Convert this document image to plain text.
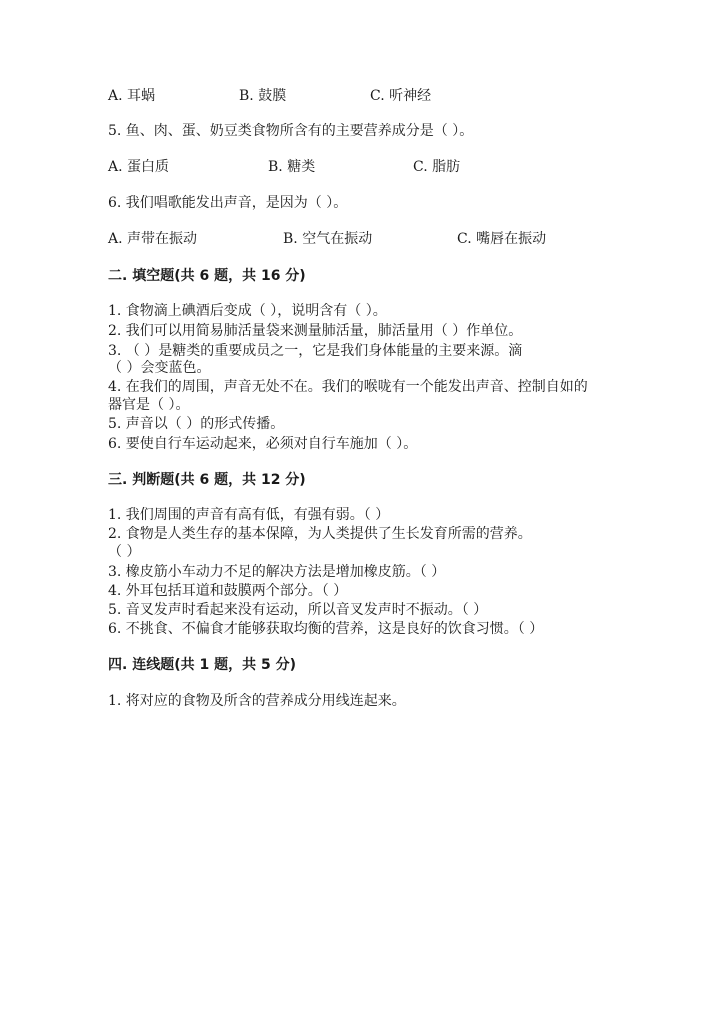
A. 耳蜗	B. 鼓膜	C. 听神经
5. 鱼、肉、蛋、奶豆类食物所含有的主要营养成分是（ ）。
A. 蛋白质	B. 糖类	C. 脂肪
6. 我们唱歌能发出声音，是因为（ ）。
A. 声带在振动	B. 空气在振动	C. 嘴唇在振动
二. 填空题(共 6 题，共 16 分)
1. 食物滴上碘酒后变成（ ），说明含有（ ）。
2. 我们可以用简易肺活量袋来测量肺活量，肺活量用（ ）作单位。
3. （ ）是糖类的重要成员之一，它是我们身体能量的主要来源。滴
（ ）会变蓝色。
4. 在我们的周围，声音无处不在。我们的喉咙有一个能发出声音、控制自如的
器官是（ ）。
5. 声音以（ ）的形式传播。
6. 要使自行车运动起来，必须对自行车施加（ ）。
三. 判断题(共 6 题，共 12 分)
1. 我们周围的声音有高有低，有强有弱。（ ）
2. 食物是人类生存的基本保障，为人类提供了生长发育所需的营养。
（ ）
3. 橡皮筋小车动力不足的解决方法是增加橡皮筋。（ ）
4. 外耳包括耳道和鼓膜两个部分。（ ）
5. 音叉发声时看起来没有运动，所以音叉发声时不振动。（ ）
6. 不挑食、不偏食才能够获取均衡的营养，这是良好的饮食习惯。（ ）
四. 连线题(共 1 题，共 5 分)
1. 将对应的食物及所含的营养成分用线连起来。
